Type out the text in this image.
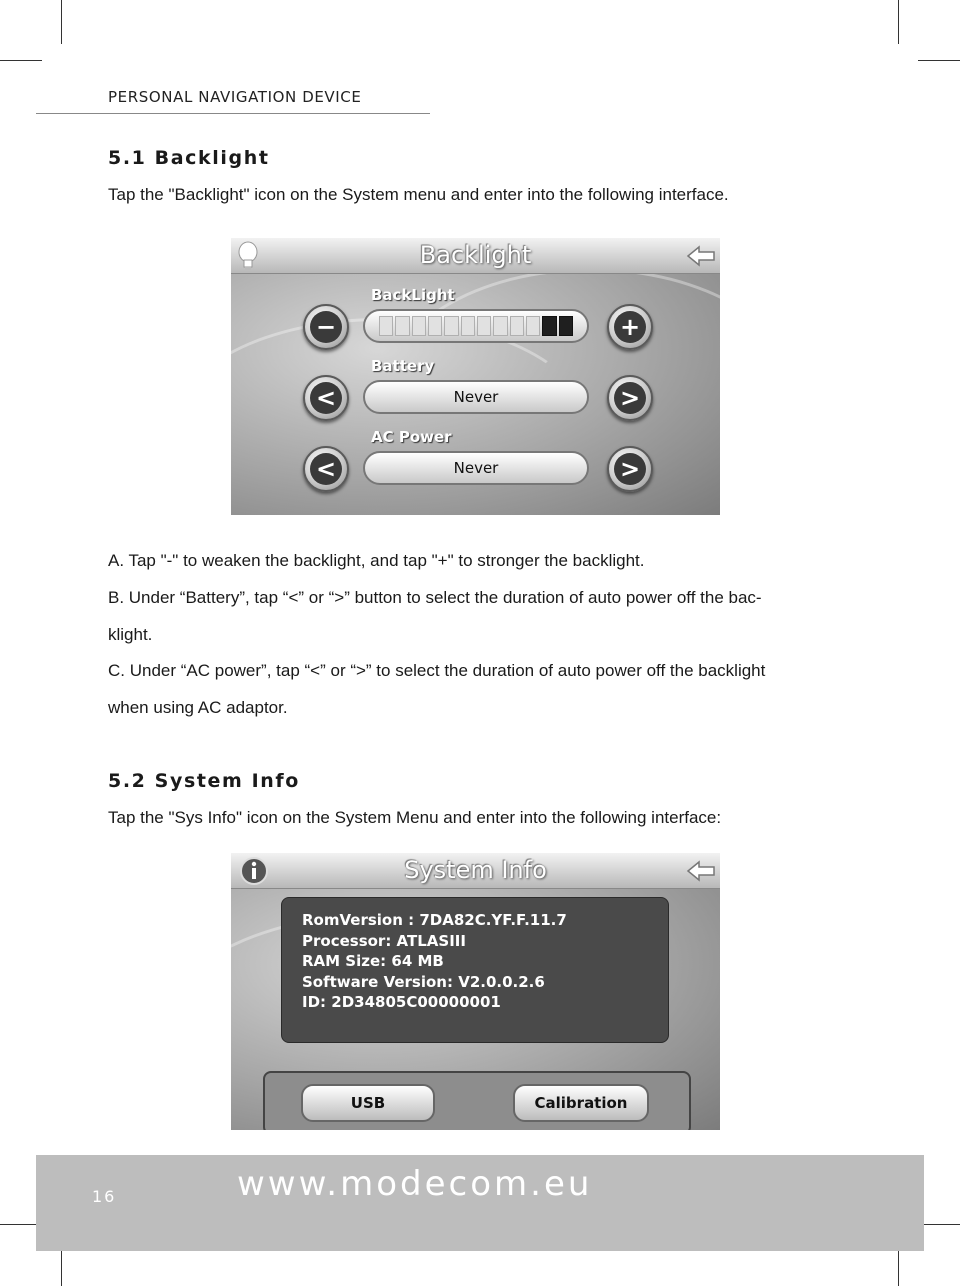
PERSONAL NAVIGATION DEVICE
5.1 Backlight
Tap the "Backlight" icon on the System menu and enter into the following interface.
Backlight
BackLight
−	+
Battery
<	Never	>
AC Power
<	Never	>
A. Tap "-" to weaken the backlight, and tap "+" to stronger the backlight.
B. Under “Battery”, tap “<” or “>” button to select the duration of auto power off the bac-
klight.
C. Under “AC power”, tap “<” or “>” to select the duration of auto power off the backlight
when using AC adaptor.
5.2 System Info
Tap the "Sys Info" icon on the System Menu and enter into the following interface:
System Info
RomVersion : 7DA82C.YF.F.11.7
Processor: ATLASIII
RAM Size: 64 MB
Software Version: V2.0.0.2.6
ID: 2D34805C00000001
USB	Calibration
16	www.modecom.eu
